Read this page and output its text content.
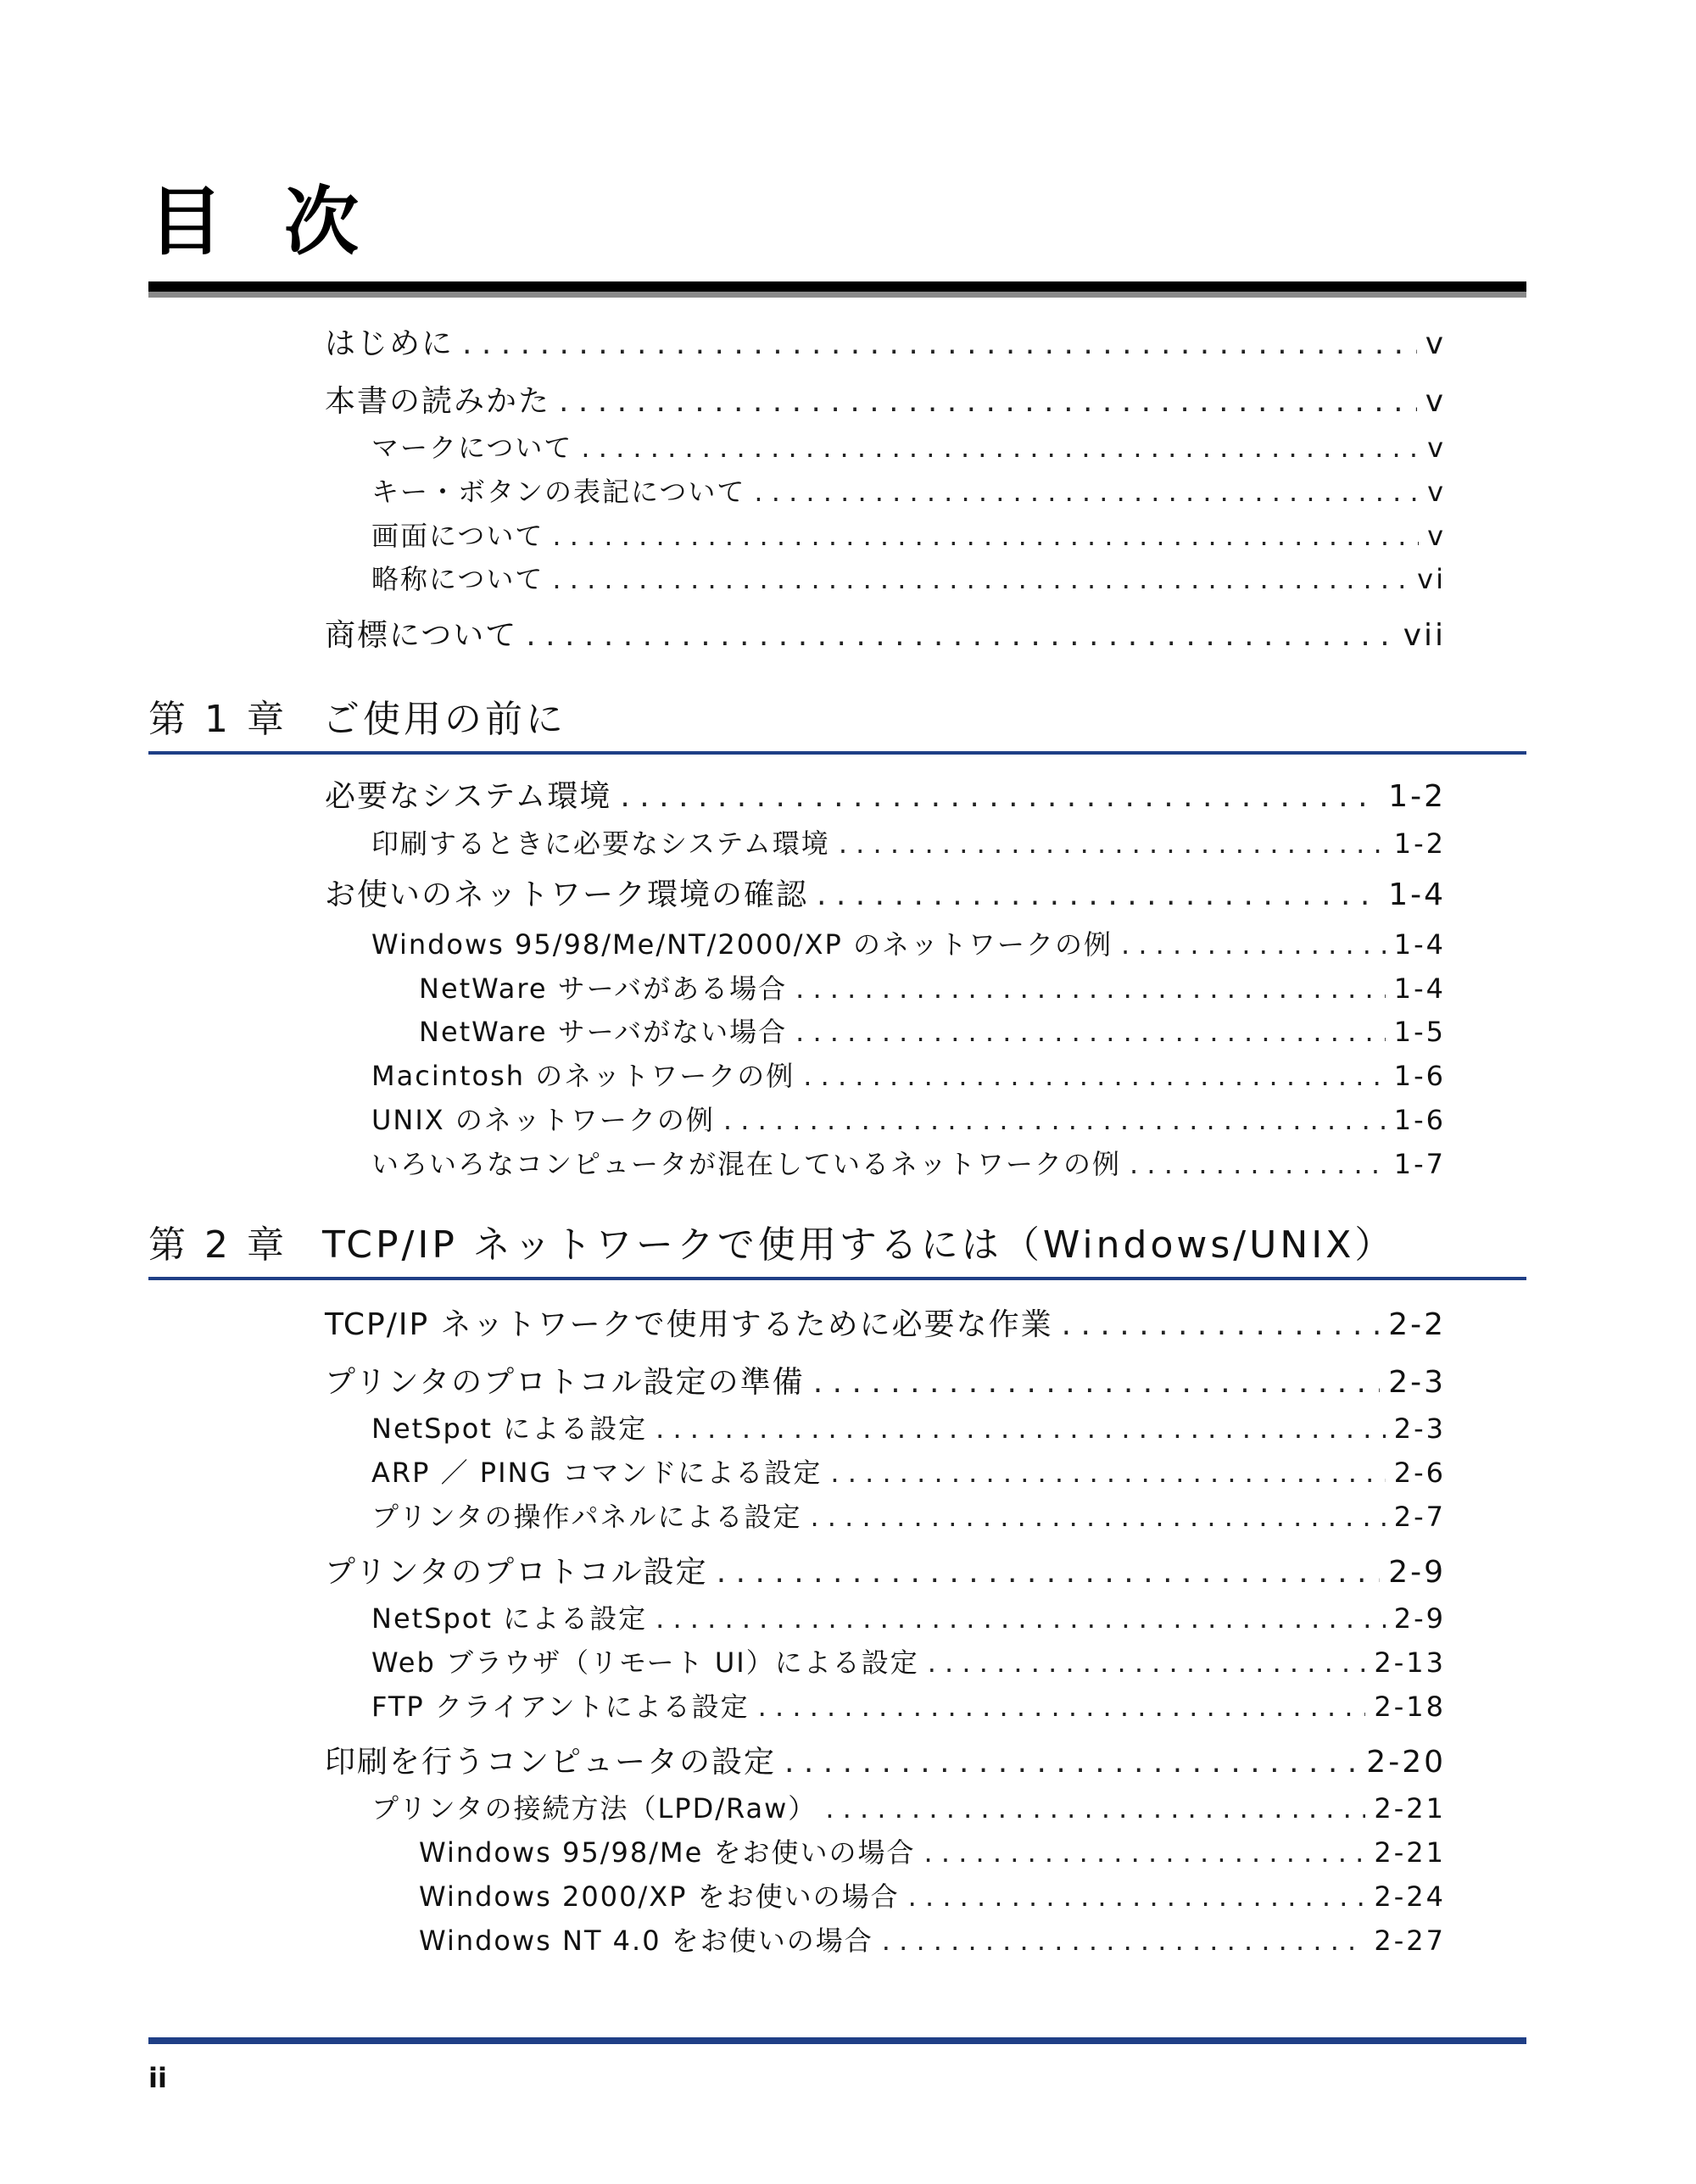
目次
はじめに . . .	v
本書の読みかた . . .	v
マークについて . . .	v
キー・ボタンの表記について . . .	v
画面について . . .	v
略称について . . .	vi
商標について . . .	vii
第 1 章 ご使用の前に
必要なシステム環境 . . .	1-2
印刷するときに必要なシステム環境 . . .	1-2
お使いのネットワーク環境の確認 . . .	1-4
Windows 95/98/Me/NT/2000/XP のネットワークの例 . . .	1-4
NetWare サーバがある場合 . . .	1-4
NetWare サーバがない場合 . . .	1-5
Macintosh のネットワークの例 . . .	1-6
UNIX のネットワークの例 . . .	1-6
いろいろなコンピュータが混在しているネットワークの例 . . .	1-7
第 2 章 TCP/IP ネットワークで使用するには（Windows/UNIX）
TCP/IP ネットワークで使用するために必要な作業 . . .	2-2
プリンタのプロトコル設定の準備 . . .	2-3
NetSpot による設定 . . .	2-3
ARP ／ PING コマンドによる設定 . . .	2-6
プリンタの操作パネルによる設定 . . .	2-7
プリンタのプロトコル設定 . . .	2-9
NetSpot による設定 . . .	2-9
Web ブラウザ（リモート UI）による設定 . . .	2-13
FTP クライアントによる設定 . . .	2-18
印刷を行うコンピュータの設定 . . .	2-20
プリンタの接続方法（LPD/Raw） . . .	2-21
Windows 95/98/Me をお使いの場合 . . .	2-21
Windows 2000/XP をお使いの場合 . . .	2-24
Windows NT 4.0 をお使いの場合 . . .	2-27
ii
